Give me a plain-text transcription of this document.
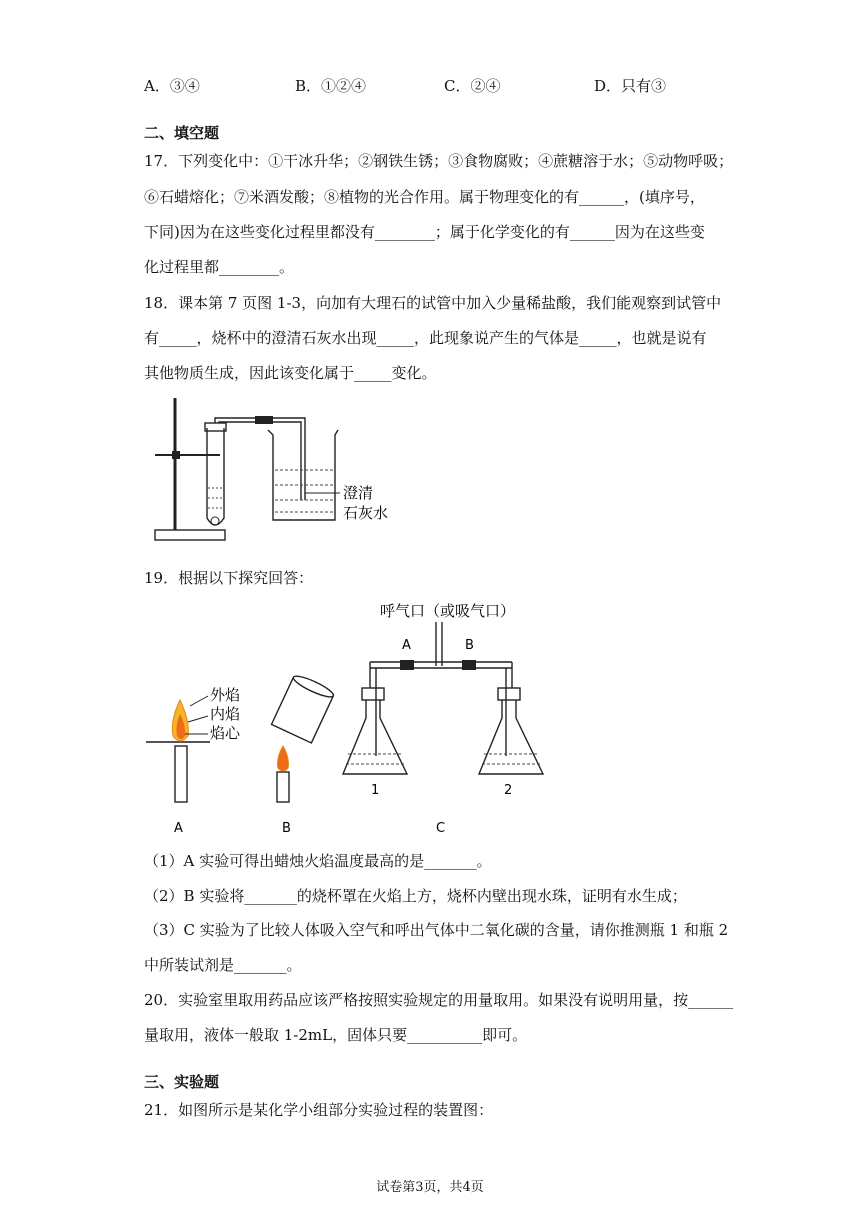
A．③④	B．①②④	C．②④	D．只有③
二、填空题
17．下列变化中：①干冰升华；②钢铁生锈；③食物腐败；④蔗糖溶于水；⑤动物呼吸；
⑥石蜡熔化；⑦米酒发酸；⑧植物的光合作用。属于物理变化的有______，(填序号，
下同)因为在这些变化过程里都没有________；属于化学变化的有______因为在这些变
化过程里都________。
18．课本第 7 页图 1-3，向加有大理石的试管中加入少量稀盐酸，我们能观察到试管中
有_____，烧杯中的澄清石灰水出现_____，此现象说产生的气体是_____，也就是说有
其他物质生成，因此该变化属于_____变化。
澄清
石灰水
19．根据以下探究回答：
呼气口（或吸气口）
A	B
1	2
外焰
内焰
焰心
A	B	C
（1）A 实验可得出蜡烛火焰温度最高的是_______。
（2）B 实验将_______的烧杯罩在火焰上方，烧杯内壁出现水珠，证明有水生成；
（3）C 实验为了比较人体吸入空气和呼出气体中二氧化碳的含量，请你推测瓶 1 和瓶 2
中所装试剂是_______。
20．实验室里取用药品应该严格按照实验规定的用量取用。如果没有说明用量，按______
量取用，液体一般取 1-2mL，固体只要__________即可。
三、实验题
21．如图所示是某化学小组部分实验过程的装置图：
试卷第3页，共4页
